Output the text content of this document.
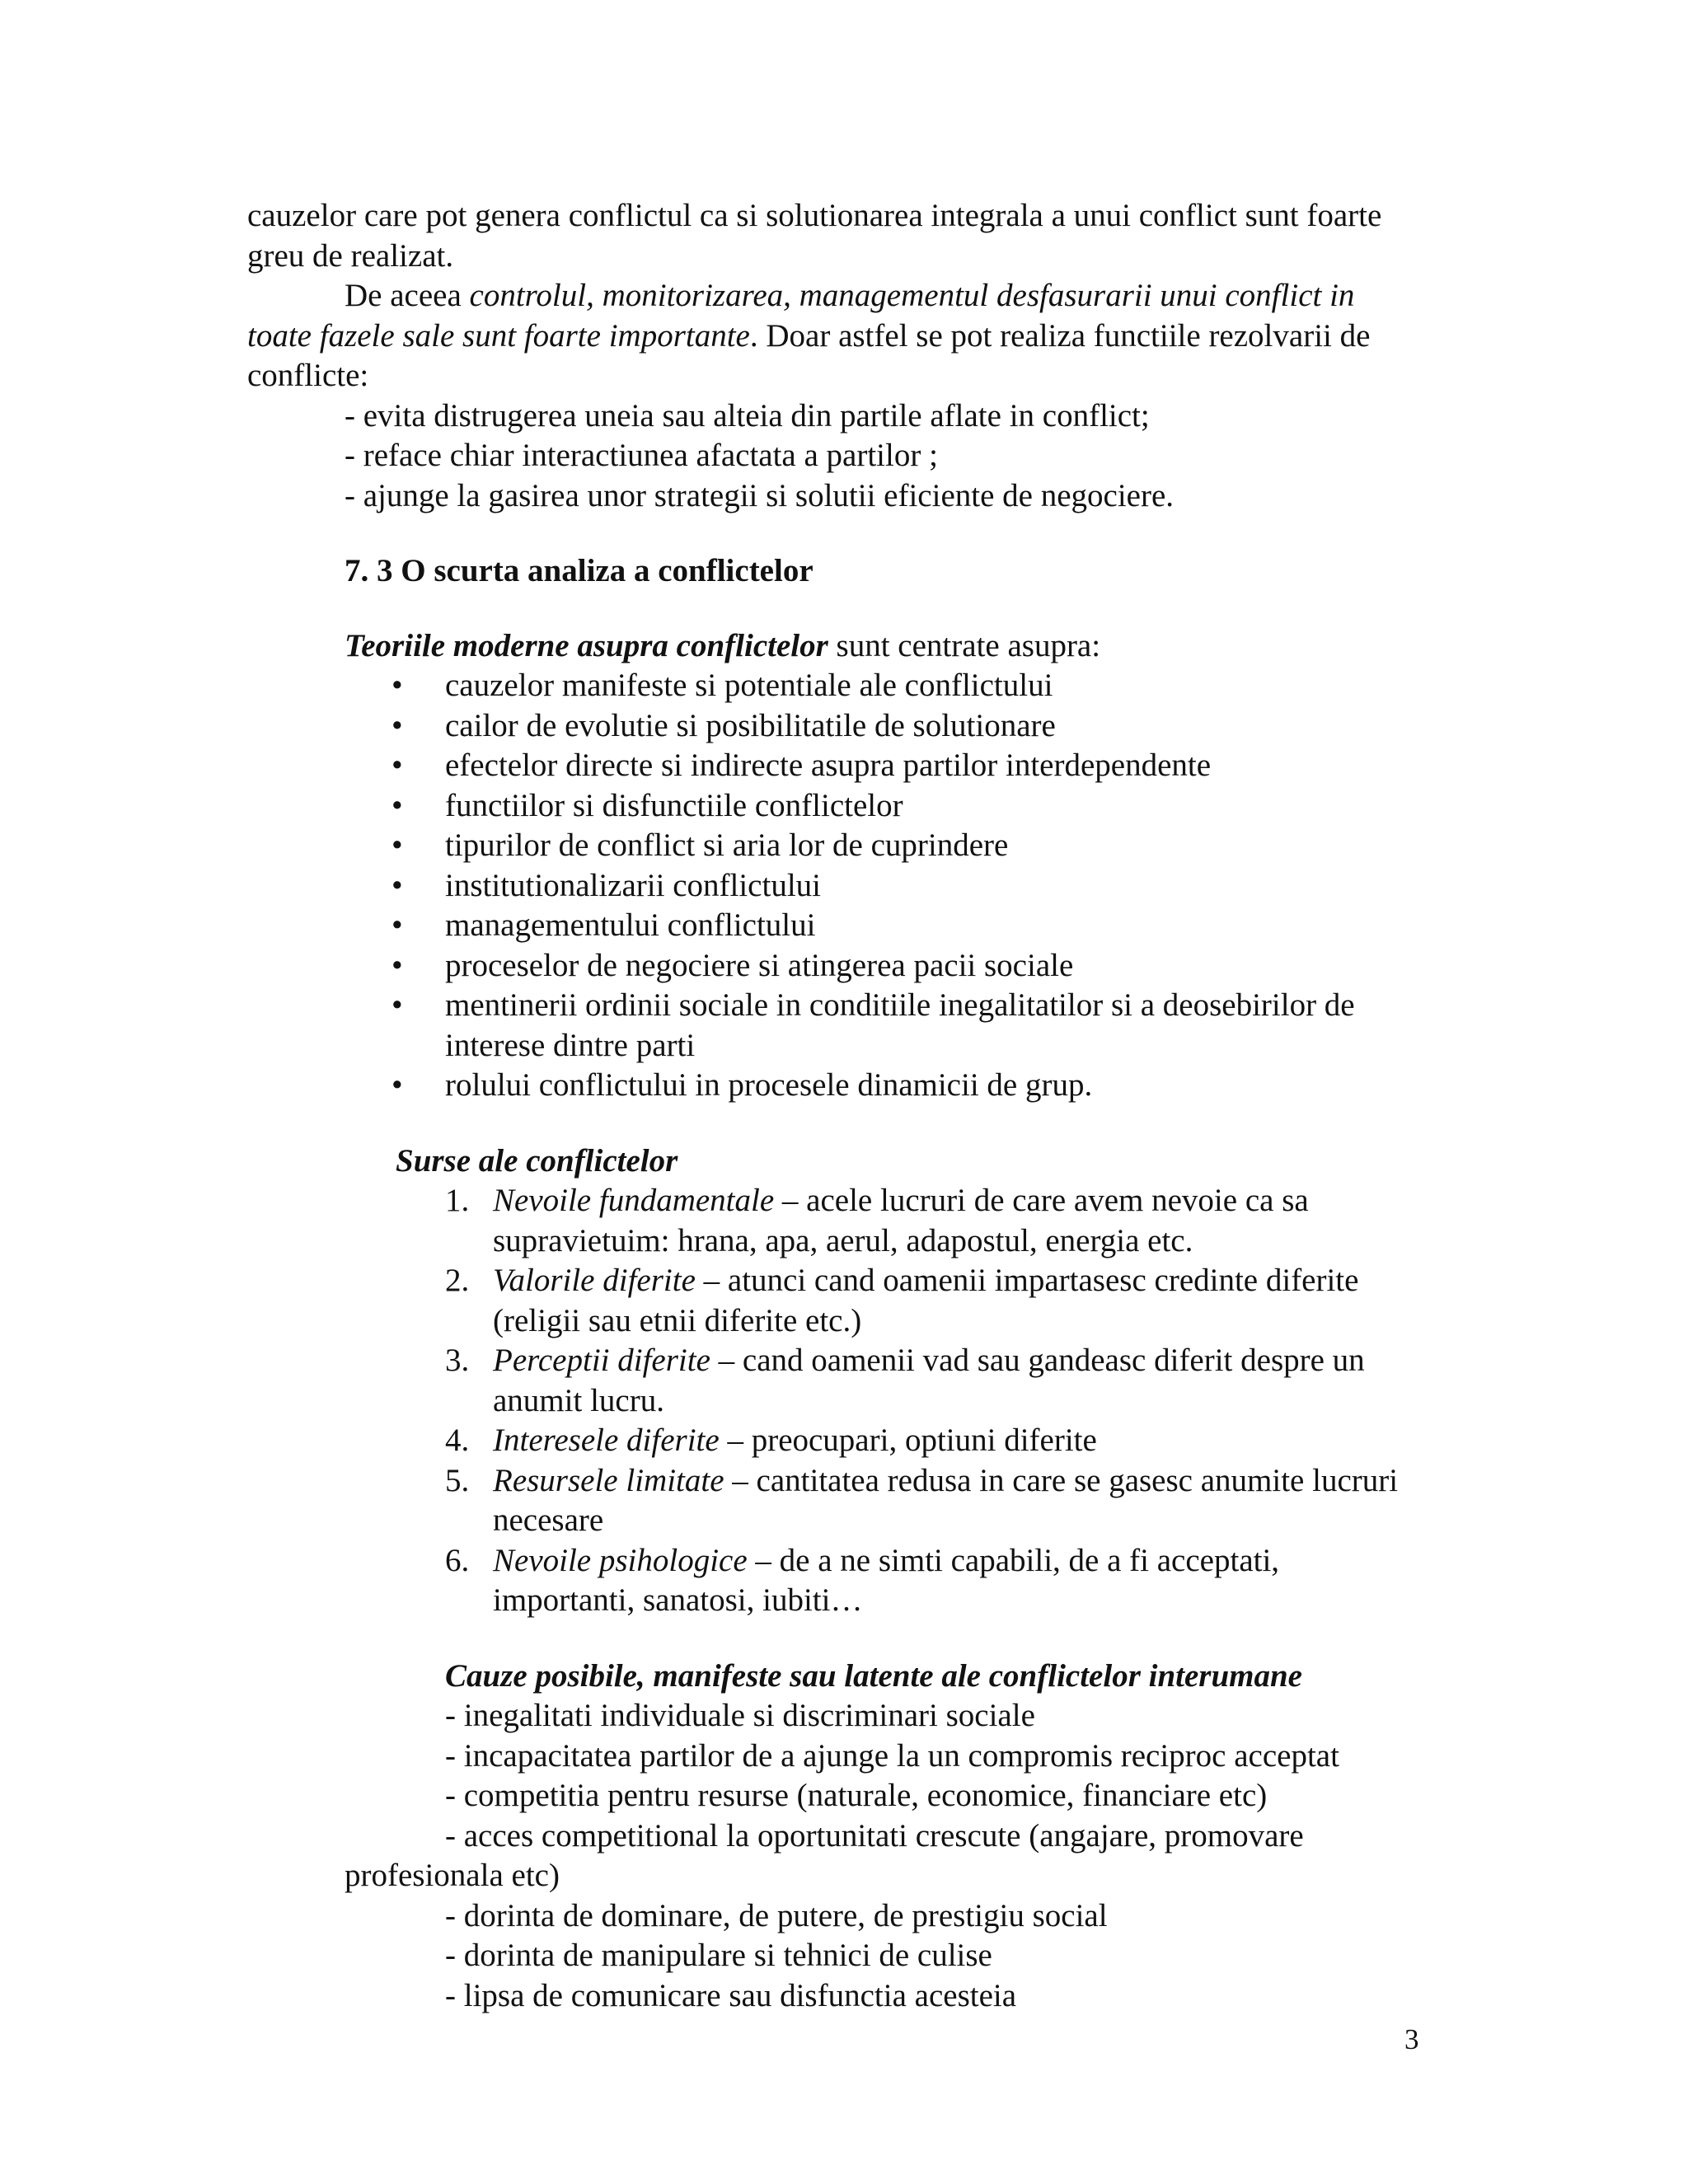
cauzelor care pot genera conflictul ca si solutionarea integrala a unui conflict sunt foarte greu de realizat.

De aceea controlul, monitorizarea, managementul desfasurarii unui conflict in toate fazele sale sunt foarte importante. Doar astfel se pot realiza functiile rezolvarii de conflicte:

- evita distrugerea uneia sau alteia din partile aflate in conflict;

- reface chiar interactiunea afactata a partilor ;

- ajunge la gasirea unor strategii si solutii eficiente de negociere.

7. 3 O scurta analiza a conflictelor

Teoriile moderne asupra conflictelor sunt centrate asupra:

• cauzelor manifeste si potentiale ale conflictului
• cailor de evolutie si posibilitatile de solutionare
• efectelor directe si indirecte asupra partilor interdependente
• functiilor si disfunctiile conflictelor
• tipurilor de conflict si aria lor de cuprindere
• institutionalizarii conflictului
• managementului conflictului
• proceselor de negociere si atingerea pacii sociale
• mentinerii ordinii sociale in conditiile inegalitatilor si a deosebirilor de interese dintre parti
• rolului conflictului in procesele dinamicii de grup.

Surse ale conflictelor

1. Nevoile fundamentale – acele lucruri de care avem nevoie ca sa supravietuim: hrana, apa, aerul, adapostul, energia etc.
2. Valorile diferite – atunci cand oamenii impartasesc credinte diferite (religii sau etnii diferite etc.)
3. Perceptii diferite – cand oamenii vad sau gandeasc diferit despre un anumit lucru.
4. Interesele diferite – preocupari, optiuni diferite
5. Resursele limitate – cantitatea redusa in care se gasesc anumite lucruri necesare
6. Nevoile psihologice – de a ne simti capabili, de a fi acceptati, importanti, sanatosi, iubiti…

Cauze posibile, manifeste sau latente ale conflictelor interumane

- inegalitati individuale si discriminari sociale

- incapacitatea partilor de a ajunge la un compromis reciproc acceptat

- competitia pentru resurse (naturale, economice, financiare etc)

- acces competitional la oportunitati crescute (angajare, promovare

profesionala etc)

- dorinta de dominare, de putere, de prestigiu social

- dorinta de manipulare si tehnici de culise

- lipsa de comunicare sau disfunctia acesteia

3
